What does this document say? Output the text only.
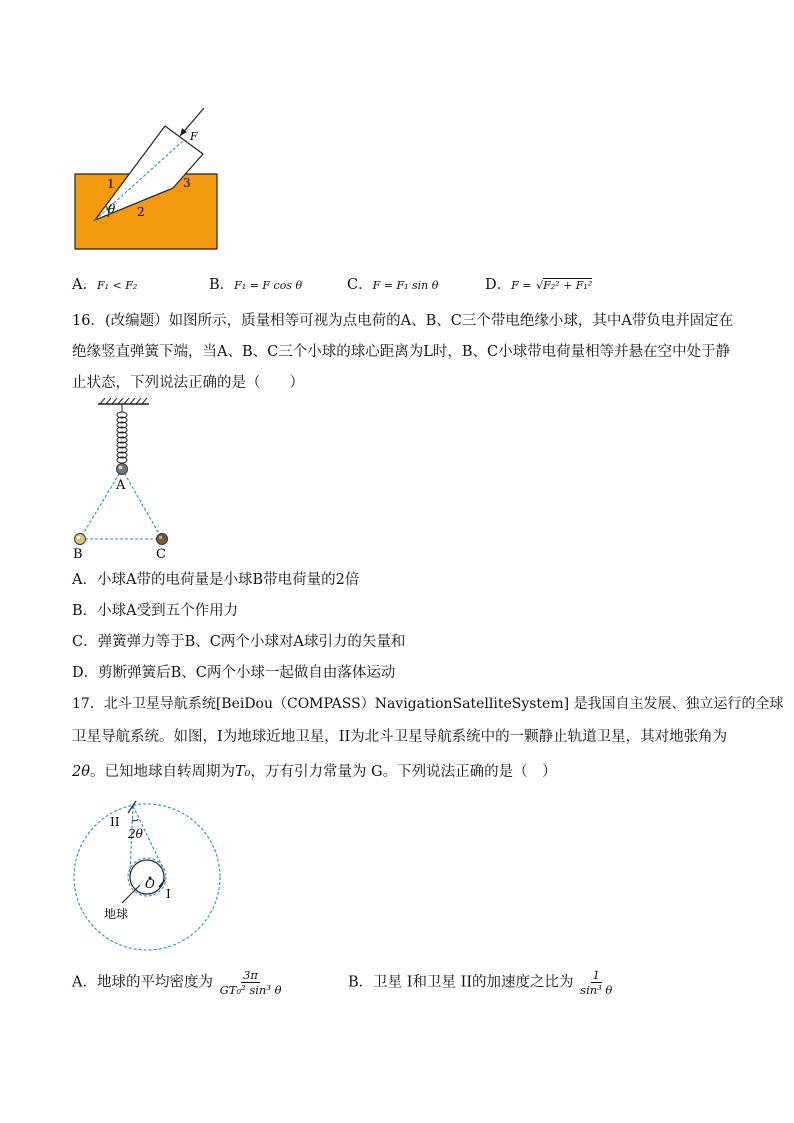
1
2
3
θ
F
A．F₁ < F₂	B．F₁ = F cos θ	C．F = F₁ sin θ	D．F = √F₂² + F₁²
16．(改编题）如图所示，质量相等可视为点电荷的A、B、C三个带电绝缘小球，其中A带负电并固定在
绝缘竖直弹簧下端，当A、B、C三个小球的球心距离为L时，B、C小球带电荷量相等并悬在空中处于静
止状态，下列说法正确的是（　　）
A
B	C
A．小球A带的电荷量是小球B带电荷量的2倍
B．小球A受到五个作用力
C．弹簧弹力等于B、C两个小球对A球引力的矢量和
D．剪断弹簧后B、C两个小球一起做自由落体运动
17．北斗卫星导航系统[BeiDou（COMPASS）NavigationSatelliteSystem] 是我国自主发展、独立运行的全球
卫星导航系统。如图，I为地球近地卫星，II为北斗卫星导航系统中的一颗静止轨道卫星，其对地张角为
2θ。已知地球自转周期为T₀，万有引力常量为 G。下列说法正确的是（　）
II
2θ
O
I
地球
A．地球的平均密度为 $\frac{3\pi}{\text{GT₀² sin³ θ}}$	B．卫星 I和卫星 II的加速度之比为 $\frac{1}{\text{sin³ θ}}$
